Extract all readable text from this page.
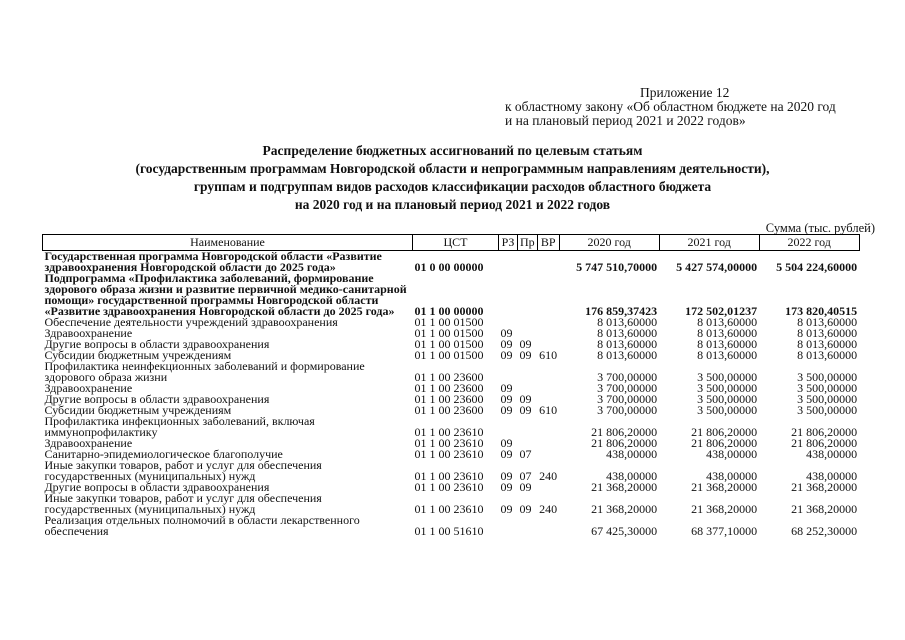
Приложение 12
к областному закону «Об областном бюджете на 2020 год
и на плановый период 2021 и 2022 годов»
Распределение бюджетных ассигнований по целевым статьям
(государственным программам Новгородской области и непрограммным направлениям деятельности),
группам и подгруппам видов расходов классификации расходов областного бюджета
на 2020 год и на плановый период 2021 и 2022 годов
Сумма (тыс. рублей)
Наименование	ЦСТ	РЗ	Пр	ВР	2020 год	2021 год	2022 год
Государственная программа Новгородской области «Развитие здравоохранения Новгородской области до 2025 года»	01 0 00 00000				5 747 510,70000	5 427 574,00000	5 504 224,60000
Подпрограмма «Профилактика заболеваний, формирование здорового образа жизни и развитие первичной медико-санитарной помощи» государственной программы Новгородской области «Развитие здравоохранения Новгородской области до 2025 года»	01 1 00 00000				176 859,37423	172 502,01237	173 820,40515
Обеспечение деятельности учреждений здравоохранения	01 1 00 01500				8 013,60000	8 013,60000	8 013,60000
Здравоохранение	01 1 00 01500	09			8 013,60000	8 013,60000	8 013,60000
Другие вопросы в области здравоохранения	01 1 00 01500	09	09		8 013,60000	8 013,60000	8 013,60000
Субсидии бюджетным учреждениям	01 1 00 01500	09	09	610	8 013,60000	8 013,60000	8 013,60000
Профилактика неинфекционных заболеваний и формирование здорового образа жизни	01 1 00 23600				3 700,00000	3 500,00000	3 500,00000
Здравоохранение	01 1 00 23600	09			3 700,00000	3 500,00000	3 500,00000
Другие вопросы в области здравоохранения	01 1 00 23600	09	09		3 700,00000	3 500,00000	3 500,00000
Субсидии бюджетным учреждениям	01 1 00 23600	09	09	610	3 700,00000	3 500,00000	3 500,00000
Профилактика инфекционных заболеваний, включая иммунопрофилактику	01 1 00 23610				21 806,20000	21 806,20000	21 806,20000
Здравоохранение	01 1 00 23610	09			21 806,20000	21 806,20000	21 806,20000
Санитарно-эпидемиологическое благополучие	01 1 00 23610	09	07		438,00000	438,00000	438,00000
Иные закупки товаров, работ и услуг для обеспечения государственных (муниципальных) нужд	01 1 00 23610	09	07	240	438,00000	438,00000	438,00000
Другие вопросы в области здравоохранения	01 1 00 23610	09	09		21 368,20000	21 368,20000	21 368,20000
Иные закупки товаров, работ и услуг для обеспечения государственных (муниципальных) нужд	01 1 00 23610	09	09	240	21 368,20000	21 368,20000	21 368,20000
Реализация отдельных полномочий в области лекарственного обеспечения	01 1 00 51610				67 425,30000	68 377,10000	68 252,30000
